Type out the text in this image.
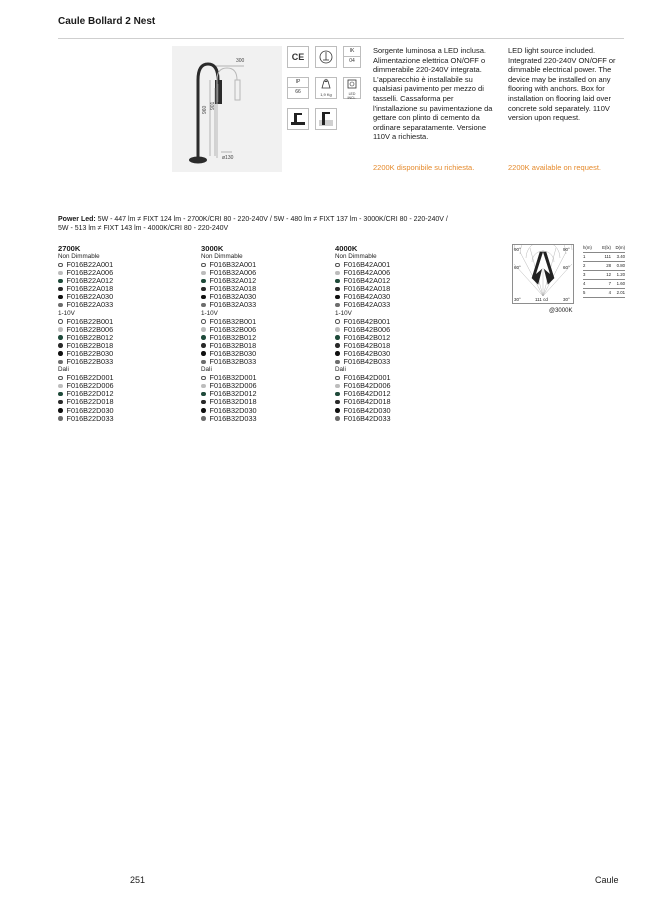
Caule Bollard 2 Nest
300
960 901
ø130
CE
IK
04
IP
66	1,9 Kg	LED INCL.
Sorgente luminosa a LED inclusa. Alimentazione elettrica ON/OFF o dimmerabile 220-240V integrata. L'apparecchio è installabile su qualsiasi pavimento per mezzo di tasselli. Cassaforma per l'installazione su pavimentazione da gettare con plinto di cemento da ordinare separatamente. Versione 110V a richiesta.
LED light source included. Integrated 220-240V ON/OFF or dimmable electrical power. The device may be installed on any flooring with anchors. Box for installation on flooring laid over concrete sold separately. 110V version upon request.
2200K disponibile su richiesta.	2200K available on request.
Power Led: 5W - 447 lm ≠ FIXT 124 lm - 2700K/CRI 80 - 220-240V / 5W - 480 lm ≠ FIXT 137 lm - 3000K/CRI 80 - 220-240V /
5W - 513 lm ≠ FIXT 143 lm - 4000K/CRI 80 - 220-240V
2700K
Non Dimmable
F016B22A001
F016B22A006
F016B22A012
F016B22A018
F016B22A030
F016B22A033
1-10V
F016B22B001
F016B22B006
F016B22B012
F016B22B018
F016B22B030
F016B22B033
Dali
F016B22D001
F016B22D006
F016B22D012
F016B22D018
F016B22D030
F016B22D033
3000K
Non Dimmable
F016B32A001
F016B32A006
F016B32A012
F016B32A018
F016B32A030
F016B32A033
1-10V
F016B32B001
F016B32B006
F016B32B012
F016B32B018
F016B32B030
F016B32B033
Dali
F016B32D001
F016B32D006
F016B32D012
F016B32D018
F016B32D030
F016B32D033
4000K
Non Dimmable
F016B42A001
F016B42A006
F016B42A012
F016B42A018
F016B42A030
F016B42A033
1-10V
F016B42B001
F016B42B006
F016B42B012
F016B42B018
F016B42B030
F016B42B033
Dali
F016B42D001
F016B42D006
F016B42D012
F016B42D018
F016B42D030
F016B42D033
90°	90°
60°	60°
30°	30°
111 cd
h(m)	E(lx)	D(m)
1	111	3.40
2	28	0.80
3	12	1.20
4	7	1.60
5	4	2.01
@3000K
251	Caule
